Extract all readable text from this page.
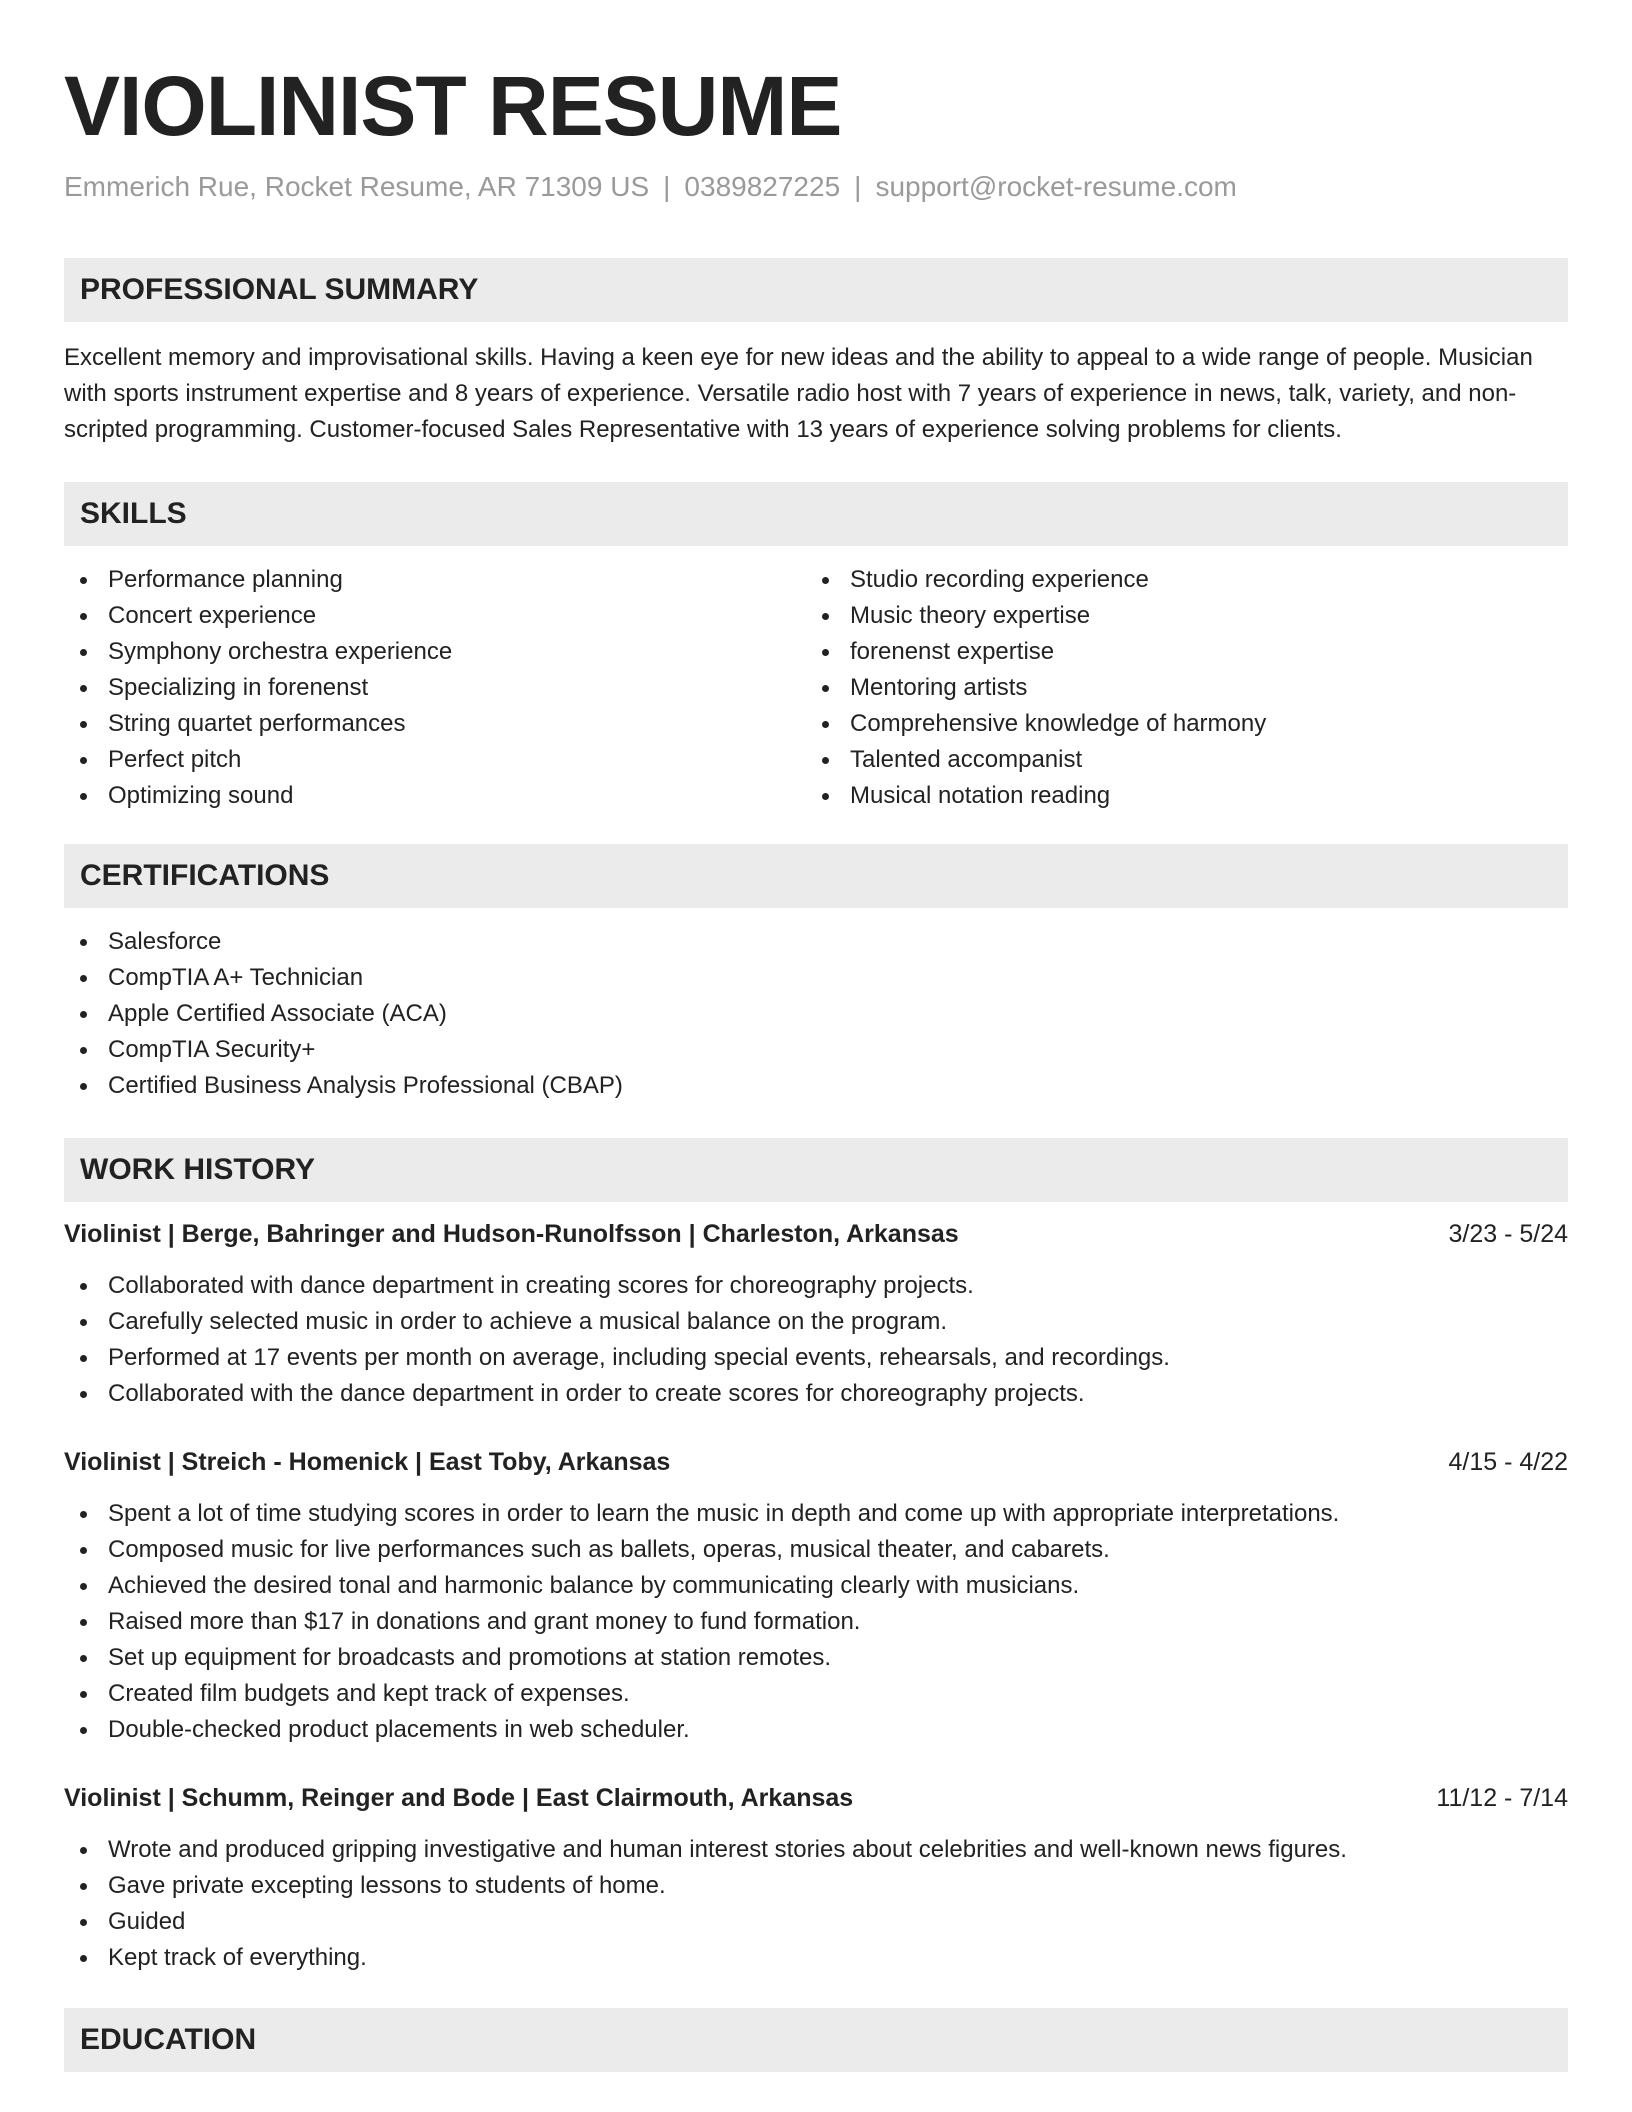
VIOLINIST RESUME
Emmerich Rue, Rocket Resume, AR 71309 US | 0389827225 | support@rocket-resume.com
PROFESSIONAL SUMMARY

Excellent memory and improvisational skills. Having a keen eye for new ideas and the ability to appeal to a wide range of people. Musician with sports instrument expertise and 8 years of experience. Versatile radio host with 7 years of experience in news, talk, variety, and non-scripted programming. Customer-focused Sales Representative with 13 years of experience solving problems for clients.

SKILLS
Performance planning
Concert experience
Symphony orchestra experience
Specializing in forenenst
String quartet performances
Perfect pitch
Optimizing sound
Studio recording experience
Music theory expertise
forenenst expertise
Mentoring artists
Comprehensive knowledge of harmony
Talented accompanist
Musical notation reading
CERTIFICATIONS
Salesforce
CompTIA A+ Technician
Apple Certified Associate (ACA)
CompTIA Security+
Certified Business Analysis Professional (CBAP)
WORK HISTORY
Violinist | Berge, Bahringer and Hudson-Runolfsson | Charleston, Arkansas	3/23 - 5/24
Collaborated with dance department in creating scores for choreography projects.
Carefully selected music in order to achieve a musical balance on the program.
Performed at 17 events per month on average, including special events, rehearsals, and recordings.
Collaborated with the dance department in order to create scores for choreography projects.
Violinist | Streich - Homenick | East Toby, Arkansas	4/15 - 4/22
Spent a lot of time studying scores in order to learn the music in depth and come up with appropriate interpretations.
Composed music for live performances such as ballets, operas, musical theater, and cabarets.
Achieved the desired tonal and harmonic balance by communicating clearly with musicians.
Raised more than $17 in donations and grant money to fund formation.
Set up equipment for broadcasts and promotions at station remotes.
Created film budgets and kept track of expenses.
Double-checked product placements in web scheduler.
Violinist | Schumm, Reinger and Bode | East Clairmouth, Arkansas	11/12 - 7/14
Wrote and produced gripping investigative and human interest stories about celebrities and well-known news figures.
Gave private excepting lessons to students of home.
Guided
Kept track of everything.
EDUCATION
